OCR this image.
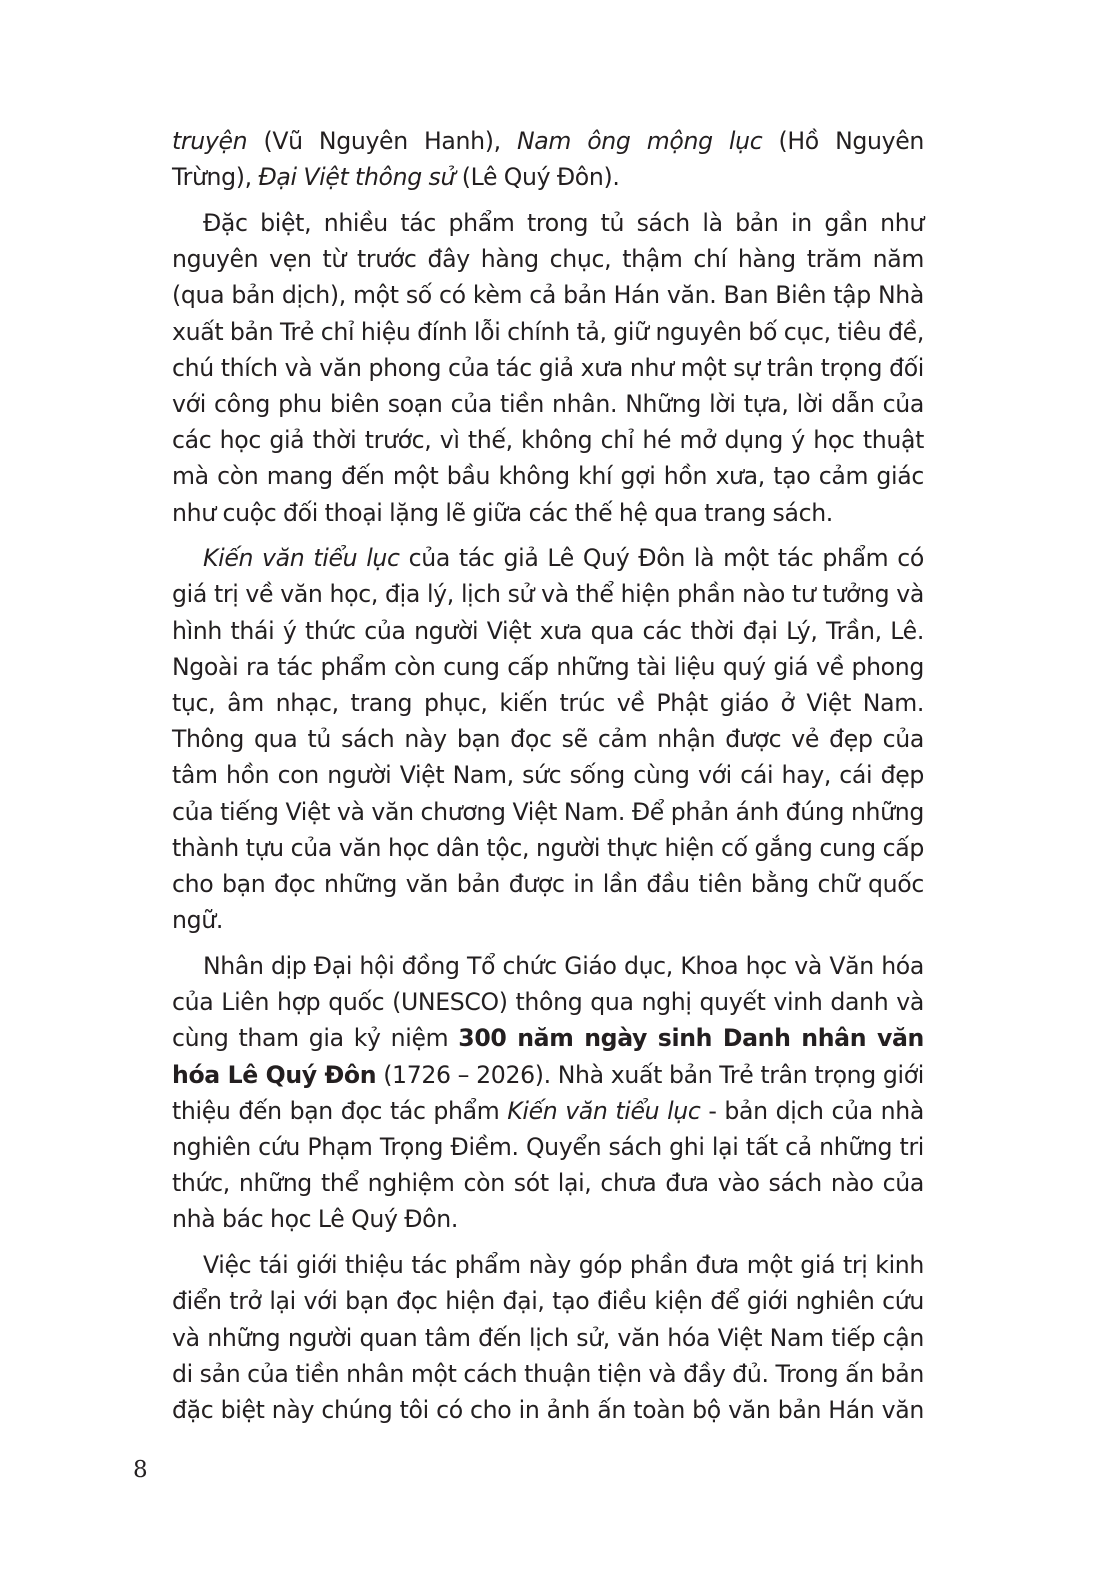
truyện (Vũ Nguyên Hanh), Nam ông mộng lục (Hồ Nguyên Trừng), Đại Việt thông sử (Lê Quý Đôn).

Đặc biệt, nhiều tác phẩm trong tủ sách là bản in gần như nguyên vẹn từ trước đây hàng chục, thậm chí hàng trăm năm (qua bản dịch), một số có kèm cả bản Hán văn. Ban Biên tập Nhà xuất bản Trẻ chỉ hiệu đính lỗi chính tả, giữ nguyên bố cục, tiêu đề, chú thích và văn phong của tác giả xưa như một sự trân trọng đối với công phu biên soạn của tiền nhân. Những lời tựa, lời dẫn của các học giả thời trước, vì thế, không chỉ hé mở dụng ý học thuật mà còn mang đến một bầu không khí gợi hồn xưa, tạo cảm giác như cuộc đối thoại lặng lẽ giữa các thế hệ qua trang sách.

Kiến văn tiểu lục của tác giả Lê Quý Đôn là một tác phẩm có giá trị về văn học, địa lý, lịch sử và thể hiện phần nào tư tưởng và hình thái ý thức của người Việt xưa qua các thời đại Lý, Trần, Lê. Ngoài ra tác phẩm còn cung cấp những tài liệu quý giá về phong tục, âm nhạc, trang phục, kiến trúc về Phật giáo ở Việt Nam. Thông qua tủ sách này bạn đọc sẽ cảm nhận được vẻ đẹp của tâm hồn con người Việt Nam, sức sống cùng với cái hay, cái đẹp của tiếng Việt và văn chương Việt Nam. Để phản ánh đúng những thành tựu của văn học dân tộc, người thực hiện cố gắng cung cấp cho bạn đọc những văn bản được in lần đầu tiên bằng chữ quốc ngữ.

Nhân dịp Đại hội đồng Tổ chức Giáo dục, Khoa học và Văn hóa của Liên hợp quốc (UNESCO) thông qua nghị quyết vinh danh và cùng tham gia kỷ niệm 300 năm ngày sinh Danh nhân văn hóa Lê Quý Đôn (1726 – 2026). Nhà xuất bản Trẻ trân trọng giới thiệu đến bạn đọc tác phẩm Kiến văn tiểu lục - bản dịch của nhà nghiên cứu Phạm Trọng Điềm. Quyển sách ghi lại tất cả những tri thức, những thể nghiệm còn sót lại, chưa đưa vào sách nào của nhà bác học Lê Quý Đôn.

Việc tái giới thiệu tác phẩm này góp phần đưa một giá trị kinh điển trở lại với bạn đọc hiện đại, tạo điều kiện để giới nghiên cứu và những người quan tâm đến lịch sử, văn hóa Việt Nam tiếp cận di sản của tiền nhân một cách thuận tiện và đầy đủ. Trong ấn bản đặc biệt này chúng tôi có cho in ảnh ấn toàn bộ văn bản Hán văn

8
